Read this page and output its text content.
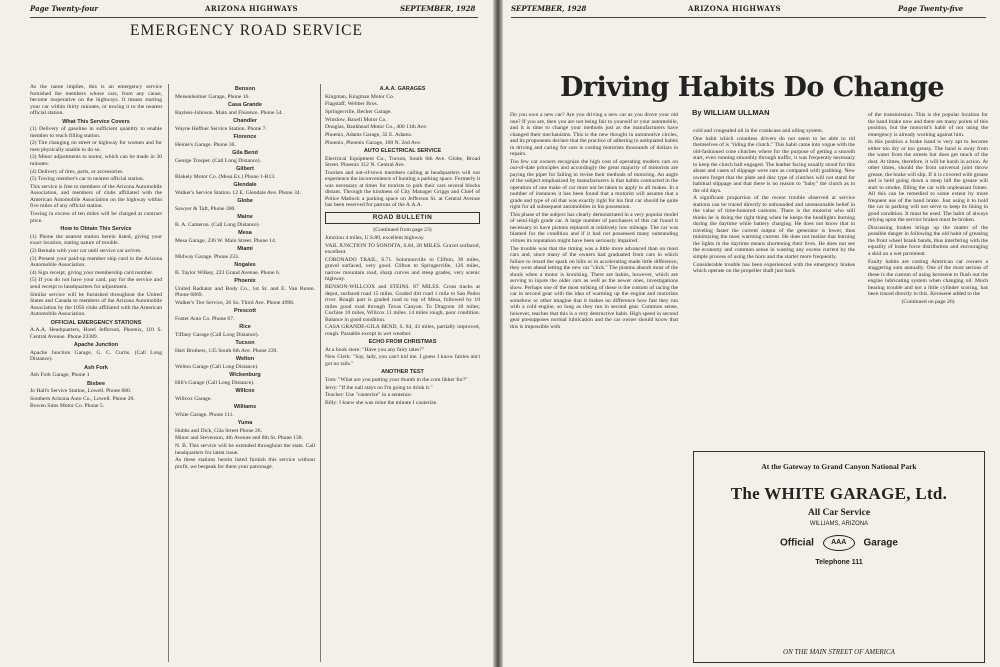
Page Twenty-four	ARIZONA HIGHWAYS	SEPTEMBER, 1928
EMERGENCY ROAD SERVICE

As the name implies, this is an emergency service furnished the members whose cars, from any cause, become inoperative on the highways. It means starting your car within thirty minutes, or towing it to the nearest official station.

What This Service Covers

(1) Delivery of gasoline in sufficient quantity to enable member to reach filling station.

(2) Tire changing on street or highway for women and for men physically unable to do so.

(3) Minor adjustments to motor, which can be made in 30 minutes.

(4) Delivery of tires, parts, or accessories.

(5) Towing member's car to nearest official station.

This service is free to members of the Arizona Automobile Association, and members of clubs affiliated with the American Automobile Association on the highway within five miles of any official station.

Towing in excess of ten miles will be charged at contract price.

How to Obtain This Service

(1) Phone the nearest station herein listed, giving your exact location, stating nature of trouble.

(2) Remain with your car until service car arrives.

(3) Present your paid-up member ship card in the Arizona Automobile Association.

(4) Sign receipt, giving your membership card number.

(5) If you do not have your card, pay for the service and send receipt to headquarters for adjustment.

Similar service will be furnished throughout the United States and Canada to members of the Arizona Automobile Association by the 1056 clubs affiliated with the American Automobile Association.

OFFICIAL EMERGENCY STATIONS

A.A.A. Headquarters, Hotel Jefferson, Phoenix, 101 S. Central Avenue. Phone 23389.

Apache Junction

Apache Junction Garage, G. C. Curtis. (Call Long Distance).

Ash Fork

Ash Fork Garage, Phone 1

Bisbee

Jo Hall's Service Station, Lowell. Phone 880.

Southern Arizona Auto Co., Lowell. Phone 20.

Bowen Sims Motor Co. Phone 5.

Benson

Meisenheimer Garage, Phone 16.

Casa Grande

Bayless-Johnson. Main and Florence. Phone 54.

Chandler

Wayne Heffner Service Station. Phone 7.

Florence

Heinie's Garage. Phone 36.

Gila Bend

George Trosper. (Call Long Distance).

Gilbert

Blakely Motor Co. (Mesa Ex.) Phone 1-R13.

Glendale

Walker's Service Station. 12 E. Glendale Ave. Phone 34.

Globe

Sawyer & Taft, Phone 300.

Maine

B. A. Cameron. (Call Long Distance).

Mesa

Mesa Garage, 236 W. Main Street. Phone 14.

Miami

Midway Garage. Phone 233.

Nogales

B. Taylor Wilkey, 223 Grand Avenue. Phone 6.

Phoenix

United Radiator and Body Co., 1st St. and E. Van Buren. Phone 6869.

Walker's Tire Service, 26 So. Third Ave. Phone 4998.

Prescott

Foster Auto Co. Phone 67.

Rice

Tiffany Garage (Call Long Distance).

Tucson

Hart Brothers, 135 South 6th Ave. Phone 239.

Welton

Welton Garage (Call Long Distance).

Wickenburg

Hill's Garage (Call Long Distance).

Willcox

Willcox Garage.

Williams

White Garage. Phone 111.

Yuma

Hubbs and Dick, Gila Street Phone 26.

Minor and Stevenson, 4th Avenue and 8th St. Phone 138.

N. B. This service will be extended throughout the state. Call headquarters for latest issue.

As these stations herein listed furnish this service without profit, we bespeak for them your patronage.

A.A.A. GARAGES

Kingman, Kingman Motor Co.

Flagstaff, Webber Bros.

Springerville, Becker Garage.

Winslow, Baxell Motor Co.

Douglas, Bankhead Motor Co., 400 11th Ave.

Phoenix, Adams Garage, 32 E. Adams.

Phoenix, Phoenix Garage, 100 N. 2nd Ave.

AUTO ELECTRICAL SERVICE

Electrical Equipment Co., Tucson, South 6th Ave. Globe, Broad Street. Phoenix 312 N. Central Ave.

Tourists and out-of-town members calling at headquarters will not experience the inconvenience of hunting a parking space. Formerly it was necessary at times for tourists to park their cars several blocks distant. Through the kindness of City Manager Griggs and Chief of Police Matlock a parking space on Jefferson St. at Central Avenue has been reserved for patrons of the A.A.A.

ROAD BULLETIN

(Continued from page 23)

Junction 4 miles, U.S.80, excellent highway.

VAIL JUNCTION TO SONOITA, S.84, 28 MILES. Gravel surfaced, excellent.

CORONADO TRAIL, S.71. Solomonville to Clifton, 38 miles, gravel surfaced, very good. Clifton to Springerville, 126 miles, narrow mountain road, sharp curves and steep grades, very scenic highway.

BENSON-WILLCOX and STEINS. 87 MILES. Cross tracks at depot, surfaced road 15 miles. Graded dirt road 1 mile to San Pedro river. Rough part is graded road to top of Mesa, followed by 10 miles good road through Texas Canyon. To Dragoon 18 miles; Cochise 10 miles, Willcox 11 miles. 14 miles rough, poor condition. Balance in good condition.

CASA GRANDE-GILA BEND, S. 84, 43 miles, partially improved, rough. Passable except in wet weather.

ECHO FROM CHRISTMAS

At a book store: "Have you any fairy tales?"

New Clerk: "Say, lady, you can't kid me. I guess I know fairies ain't got no tails."

ANOTHER TEST

Tom: "What are you putting your thumb in the corn likker for?"

Jerry: "If the nail stays on I'm going to drink it."

Teacher: Use "cauterize" in a sentence.

Billy: I knew she was mine the minute I cauterize.

SEPTEMBER, 1928	ARIZONA HIGHWAYS	Page Twenty-five
Driving Habits Do Change
By WILLIAM ULLMAN

Do you own a new car? Are you driving a new car as you drove your old one? If you are, then you are not being fair to yourself or your automobile, and it is time to change your methods just as the manufacturers have changed their mechanisms. This is the new thought in automotive circles, and its proponents declare that the practice of adhering to antiquated habits in driving and caring for cars is costing motorists thousands of dollars in repairs.

Too few car owners recognize the high cost of operating modern cars on out-of-date principles and accordingly the great majority of motorists are paying the piper for failing to revise their methods of motoring. An angle of the subject emphasized by manufacturers is that habits contracted in the operation of one make of car must not be taken to apply to all makes. In a number of instances it has been found that a motorist will assume that a grade and type of oil that was exactly right for his first car should be quite right for all subsequent automobiles in his possession.

This phase of the subject has clearly demonstrated in a very popular model of semi-high grade car. A large number of purchasers of this car found it necessary to have pistons replaced at relatively low mileage. The car was blamed for the condition and if it had not possessed many outstanding virtues its reputation might have been seriously impaired.

The trouble was that the timing was a little more advanced than on most cars and, since many of the owners had graduated from cars in which failure to retard the spark on hills or in accelerating made little difference, they went ahead letting the new car "click." The pistons absorb most of the shock when a motor is knocking. There are habits, however, which are serving to injure the older cars as well as the newer ones, investigations show. Perhaps one of the most striking of these is the custom of racing the car in second gear with the idea of warming up the engine and motorists somehow or other imagine that it makes no difference how fast they run with a cold engine, so long as they run in second gear. Common sense, however, teaches that this is a very destructive habit. High speed in second gear presupposes normal lubrication and the car owner should know that this is impossible with

cold and congealed oil in the crankcase and oiling system.

One habit which countless drivers do not seem to be able to rid themselves of is "riding the clutch." This habit came into vogue with the old-fashioned cone clutches where for the purpose of getting a smooth start, even running smoothly through traffic, it was frequently necessary to keep the clutch ball engaged. The leather facing usually stood for this abuse and cases of slippage were rare as compared with grabbing. New owners forget that the plate and disc type of clutches will not stand for habitual slippage and that there is no reason to "baby" the clutch as in the old days.

A significant proportion of the recent trouble observed at service stations can be traced directly to unbounded and unreasonable belief in the value of time-honored customs. There is the motorist who still thinks he is doing the right thing when he keeps the headlights burning during the daytime while battery charging. He does not know that in traveling faster the current output of the generator is lower, thus minimizing the most warming current. He does not realize that burning the lights in the daytime means shortening their lives. He does not see the economy and common sense in wasting any excess current by the simple process of using the horn and the starter more frequently.

Considerable trouble has been experienced with the emergency brakes which operate on the propeller shaft just back

of the transmission. This is the popular location for the hand brake now and there are many points of this position, but the motorist's habit of not using the emergency is already working against him.

In this position a brake band is very apt to become either too dry or too greasy. The band is away from the water from the streets but does get much of the dust. At times, therefore, it will be harsh in action. At other times, should the front universal joint throw grease, the brake will slip. If it is covered with grease and is held going down a steep hill the grease will start to smoke, filling the car with unpleasant fumes. All this can be remedied to some extent by more frequent use of the hand brake. Just using it to hold the car in parking will not serve to keep its lining in good condition. It must be used. The habit of always relying upon the service brakes must be broken.

Discussing brakes brings up the matter of the possible danger in following the old habit of greasing the front wheel brank bands, thus interfering with the equality of brake force distribution and encouraging a skid on a wet pavement.

Faulty habits are costing American car owners a staggering sum annually. One of the most serious of these is the custom of using kerosene to flush out the engine lubricating system when changing oil. Much bearing trouble and not a little cylinder scoring, has been traced directly to this. Kerosene added to the

(Continued on page 26)

At the Gateway to Grand Canyon National Park
The WHITE GARAGE, Ltd.
All Car Service
WILLIAMS, ARIZONA
Official AAA Garage
Telephone 111
ON THE MAIN STREET OF AMERICA
